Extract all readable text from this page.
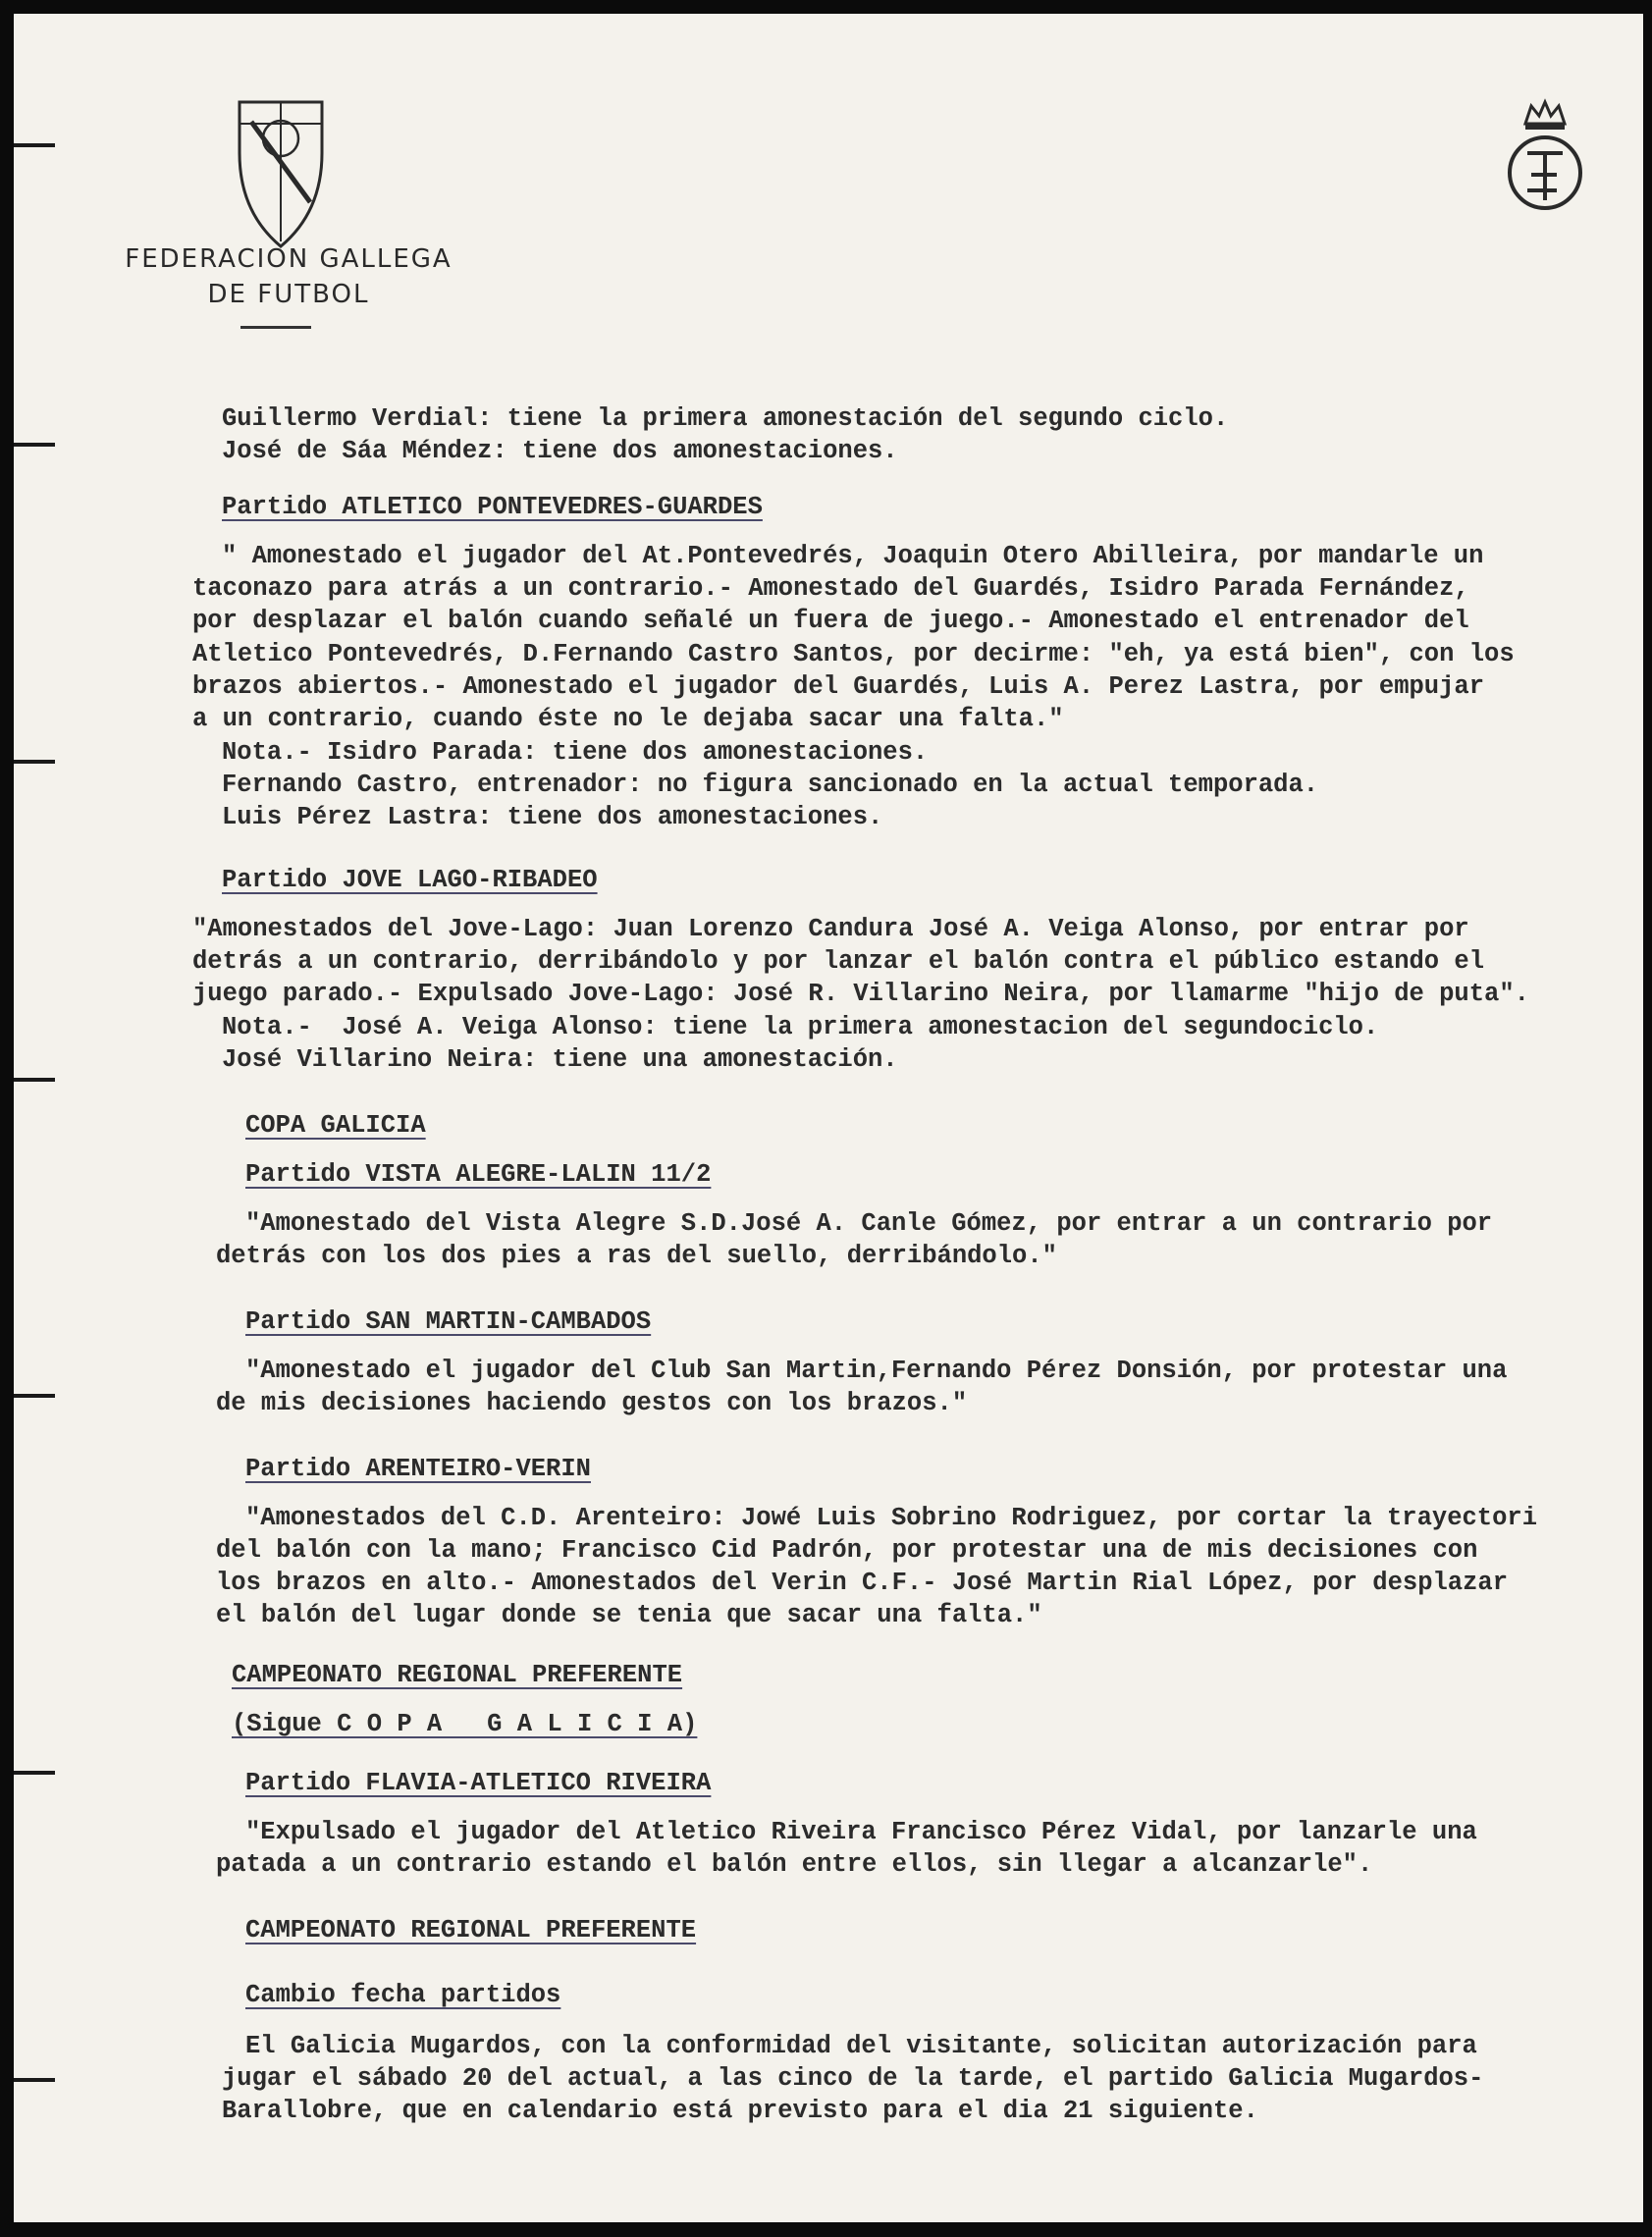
FEDERACION GALLEGA
DE FUTBOL
Guillermo Verdial: tiene la primera amonestación del segundo ciclo.
José de Sáa Méndez: tiene dos amonestaciones.
Partido ATLETICO PONTEVEDRES-GUARDES
" Amonestado el jugador del At.Pontevedrés, Joaquin Otero Abilleira, por mandarle un
taconazo para atrás a un contrario.- Amonestado del Guardés, Isidro Parada Fernández,
por desplazar el balón cuando señalé un fuera de juego.- Amonestado el entrenador del
Atletico Pontevedrés, D.Fernando Castro Santos, por decirme: "eh, ya está bien", con los
brazos abiertos.- Amonestado el jugador del Guardés, Luis A. Perez Lastra, por empujar
a un contrario, cuando éste no le dejaba sacar una falta."
Nota.- Isidro Parada: tiene dos amonestaciones.
Fernando Castro, entrenador: no figura sancionado en la actual temporada.
Luis Pérez Lastra: tiene dos amonestaciones.
Partido JOVE LAGO-RIBADEO
"Amonestados del Jove-Lago: Juan Lorenzo Candura José A. Veiga Alonso, por entrar por
detrás a un contrario, derribándolo y por lanzar el balón contra el público estando el
juego parado.- Expulsado Jove-Lago: José R. Villarino Neira, por llamarme "hijo de puta".
Nota.-  José A. Veiga Alonso: tiene la primera amonestacion del segundociclo.
José Villarino Neira: tiene una amonestación.
COPA GALICIA
Partido VISTA ALEGRE-LALIN 11/2
"Amonestado del Vista Alegre S.D.José A. Canle Gómez, por entrar a un contrario por
detrás con los dos pies a ras del suello, derribándolo."
Partido SAN MARTIN-CAMBADOS
"Amonestado el jugador del Club San Martin,Fernando Pérez Donsión, por protestar una
de mis decisiones haciendo gestos con los brazos."
Partido ARENTEIRO-VERIN
"Amonestados del C.D. Arenteiro: Jowé Luis Sobrino Rodriguez, por cortar la trayectori
del balón con la mano; Francisco Cid Padrón, por protestar una de mis decisiones con
los brazos en alto.- Amonestados del Verin C.F.- José Martin Rial López, por desplazar
el balón del lugar donde se tenia que sacar una falta."
CAMPEONATO REGIONAL PREFERENTE
(Sigue C O P A   G A L I C I A)
Partido FLAVIA-ATLETICO RIVEIRA
"Expulsado el jugador del Atletico Riveira Francisco Pérez Vidal, por lanzarle una
patada a un contrario estando el balón entre ellos, sin llegar a alcanzarle".
CAMPEONATO REGIONAL PREFERENTE
Cambio fecha partidos
El Galicia Mugardos, con la conformidad del visitante, solicitan autorización para
jugar el sábado 20 del actual, a las cinco de la tarde, el partido Galicia Mugardos-
Barallobre, que en calendario está previsto para el dia 21 siguiente.
